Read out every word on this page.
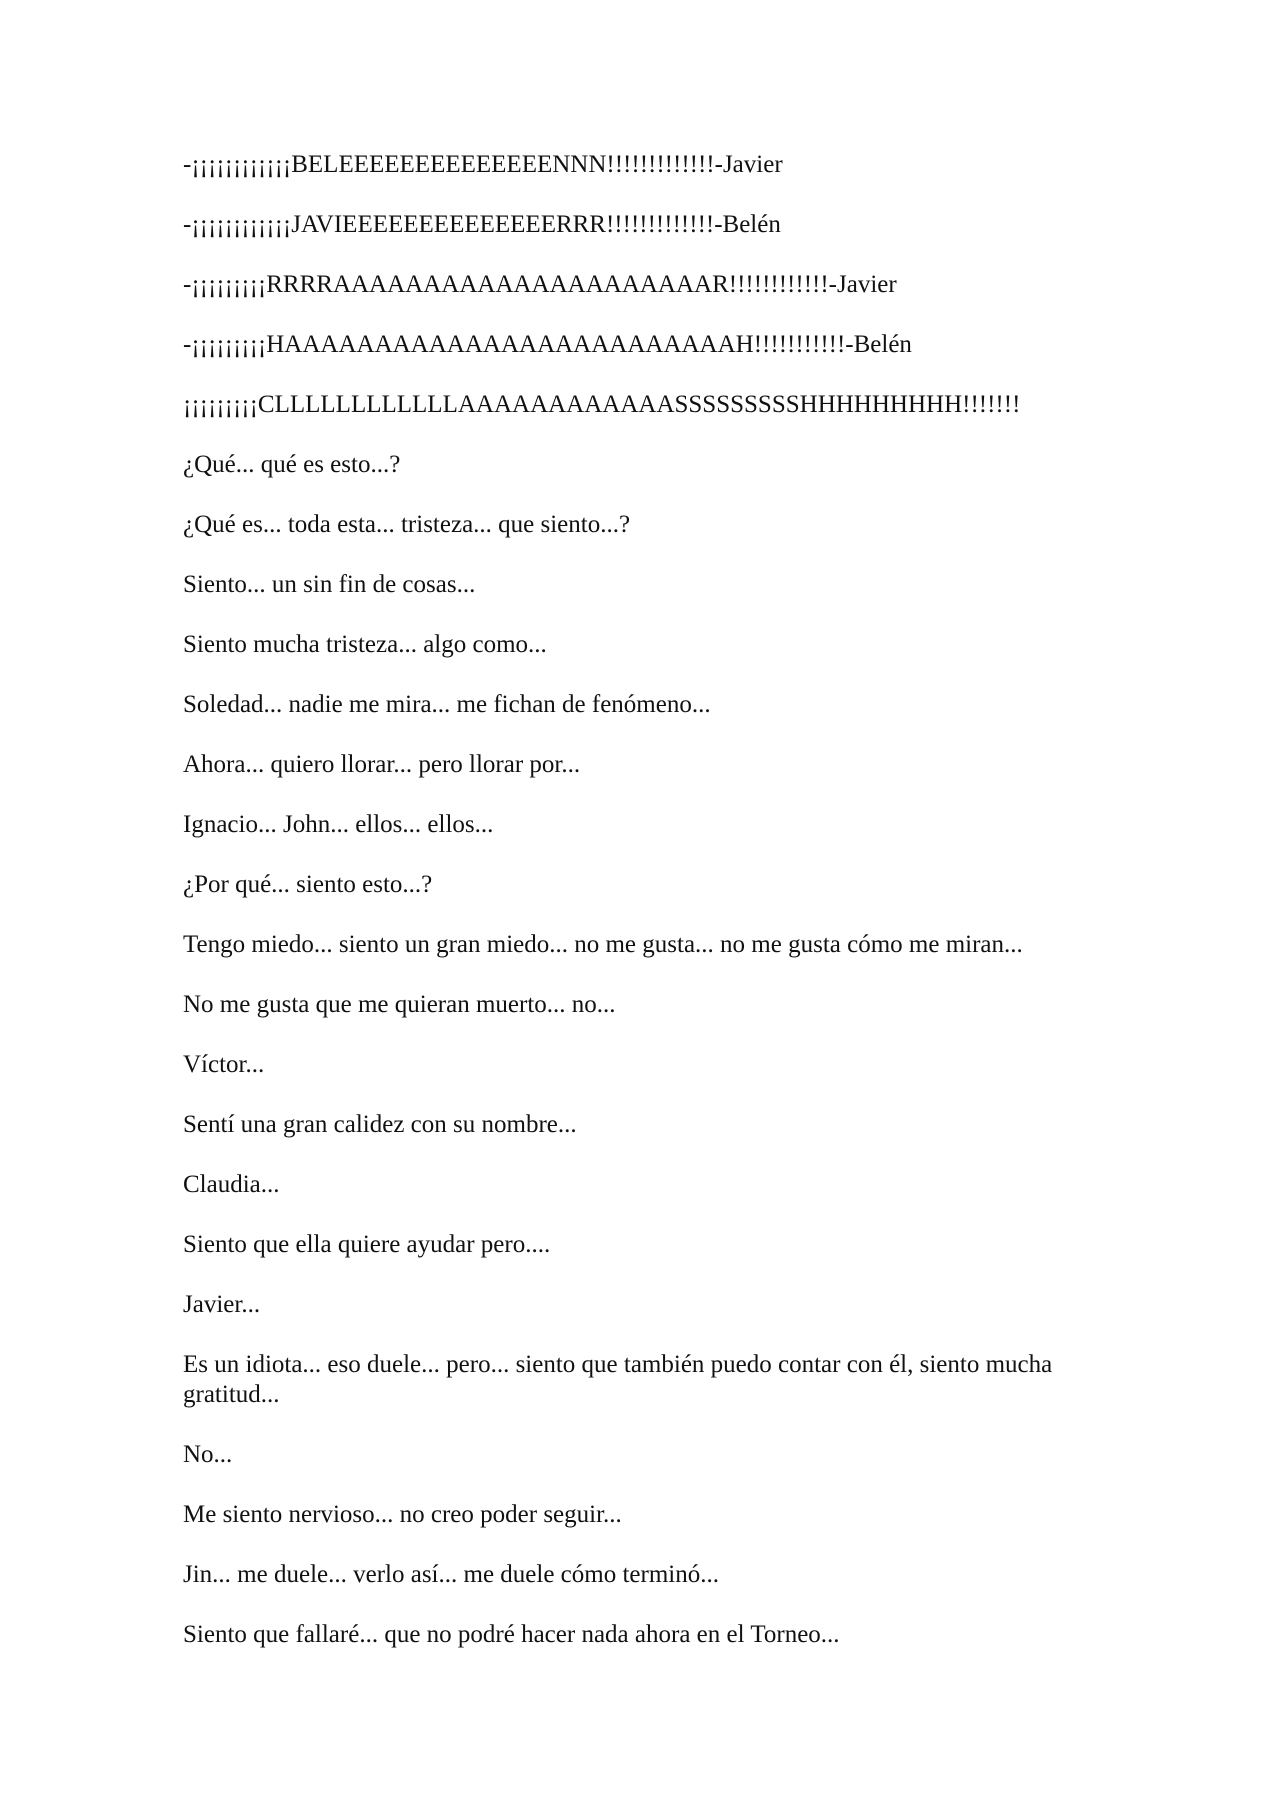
-¡¡¡¡¡¡¡¡¡¡¡¡BELEEEEEEEEEEEEEENNN!!!!!!!!!!!!!-Javier

-¡¡¡¡¡¡¡¡¡¡¡¡JAVIEEEEEEEEEEEEEERRR!!!!!!!!!!!!!-Belén

-¡¡¡¡¡¡¡¡¡RRRRAAAAAAAAAAAAAAAAAAAAAR!!!!!!!!!!!!-Javier

-¡¡¡¡¡¡¡¡¡HAAAAAAAAAAAAAAAAAAAAAAAAAH!!!!!!!!!!!-Belén

¡¡¡¡¡¡¡¡¡CLLLLLLLLLLLLAAAAAAAAAAAASSSSSSSSSHHHHHHHHH!!!!!!!

¿Qué... qué es esto...?

¿Qué es... toda esta... tristeza... que siento...?

Siento... un sin fin de cosas...

Siento mucha tristeza... algo como...

Soledad... nadie me mira... me fichan de fenómeno...

Ahora... quiero llorar... pero llorar por...

Ignacio... John... ellos... ellos...

¿Por qué... siento esto...?

Tengo miedo... siento un gran miedo... no me gusta... no me gusta cómo me miran...

No me gusta que me quieran muerto... no...

Víctor...

Sentí una gran calidez con su nombre...

Claudia...

Siento que ella quiere ayudar pero....

Javier...

Es un idiota... eso duele... pero... siento que también puedo contar con él, siento mucha gratitud...

No...

Me siento nervioso... no creo poder seguir...

Jin... me duele... verlo así... me duele cómo terminó...

Siento que fallaré... que no podré hacer nada ahora en el Torneo...
